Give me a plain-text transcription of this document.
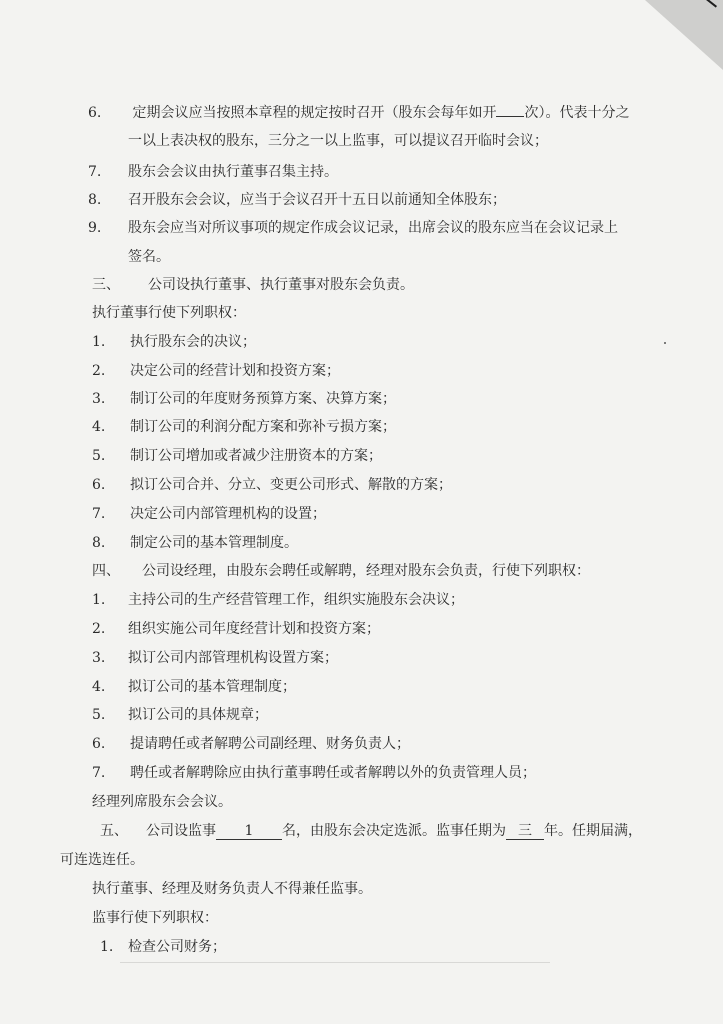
6. 定期会议应当按照本章程的规定按时召开（股东会每年如开 次）。代表十分之
一以上表决权的股东，三分之一以上监事，可以提议召开临时会议；
7. 股东会会议由执行董事召集主持。
8. 召开股东会会议，应当于会议召开十五日以前通知全体股东；
9. 股东会应当对所议事项的规定作成会议记录，出席会议的股东应当在会议记录上
签名。
三、 公司设执行董事、执行董事对股东会负责。
执行董事行使下列职权：
1. 执行股东会的决议；
2. 决定公司的经营计划和投资方案；
3. 制订公司的年度财务预算方案、决算方案；
4. 制订公司的利润分配方案和弥补亏损方案；
5. 制订公司增加或者减少注册资本的方案；
6. 拟订公司合并、分立、变更公司形式、解散的方案；
7. 决定公司内部管理机构的设置；
8. 制定公司的基本管理制度。
四、 公司设经理，由股东会聘任或解聘，经理对股东会负责，行使下列职权：
1. 主持公司的生产经营管理工作，组织实施股东会决议；
2. 组织实施公司年度经营计划和投资方案；
3. 拟订公司内部管理机构设置方案；
4. 拟订公司的基本管理制度；
5. 拟订公司的具体规章；
6. 提请聘任或者解聘公司副经理、财务负责人；
7. 聘任或者解聘除应由执行董事聘任或者解聘以外的负责管理人员；
经理列席股东会会议。
五、 公司设监事 1 名，由股东会决定选派。监事任期为 三 年。任期届满，
可连选连任。
执行董事、经理及财务负责人不得兼任监事。
监事行使下列职权：
1. 检查公司财务；
